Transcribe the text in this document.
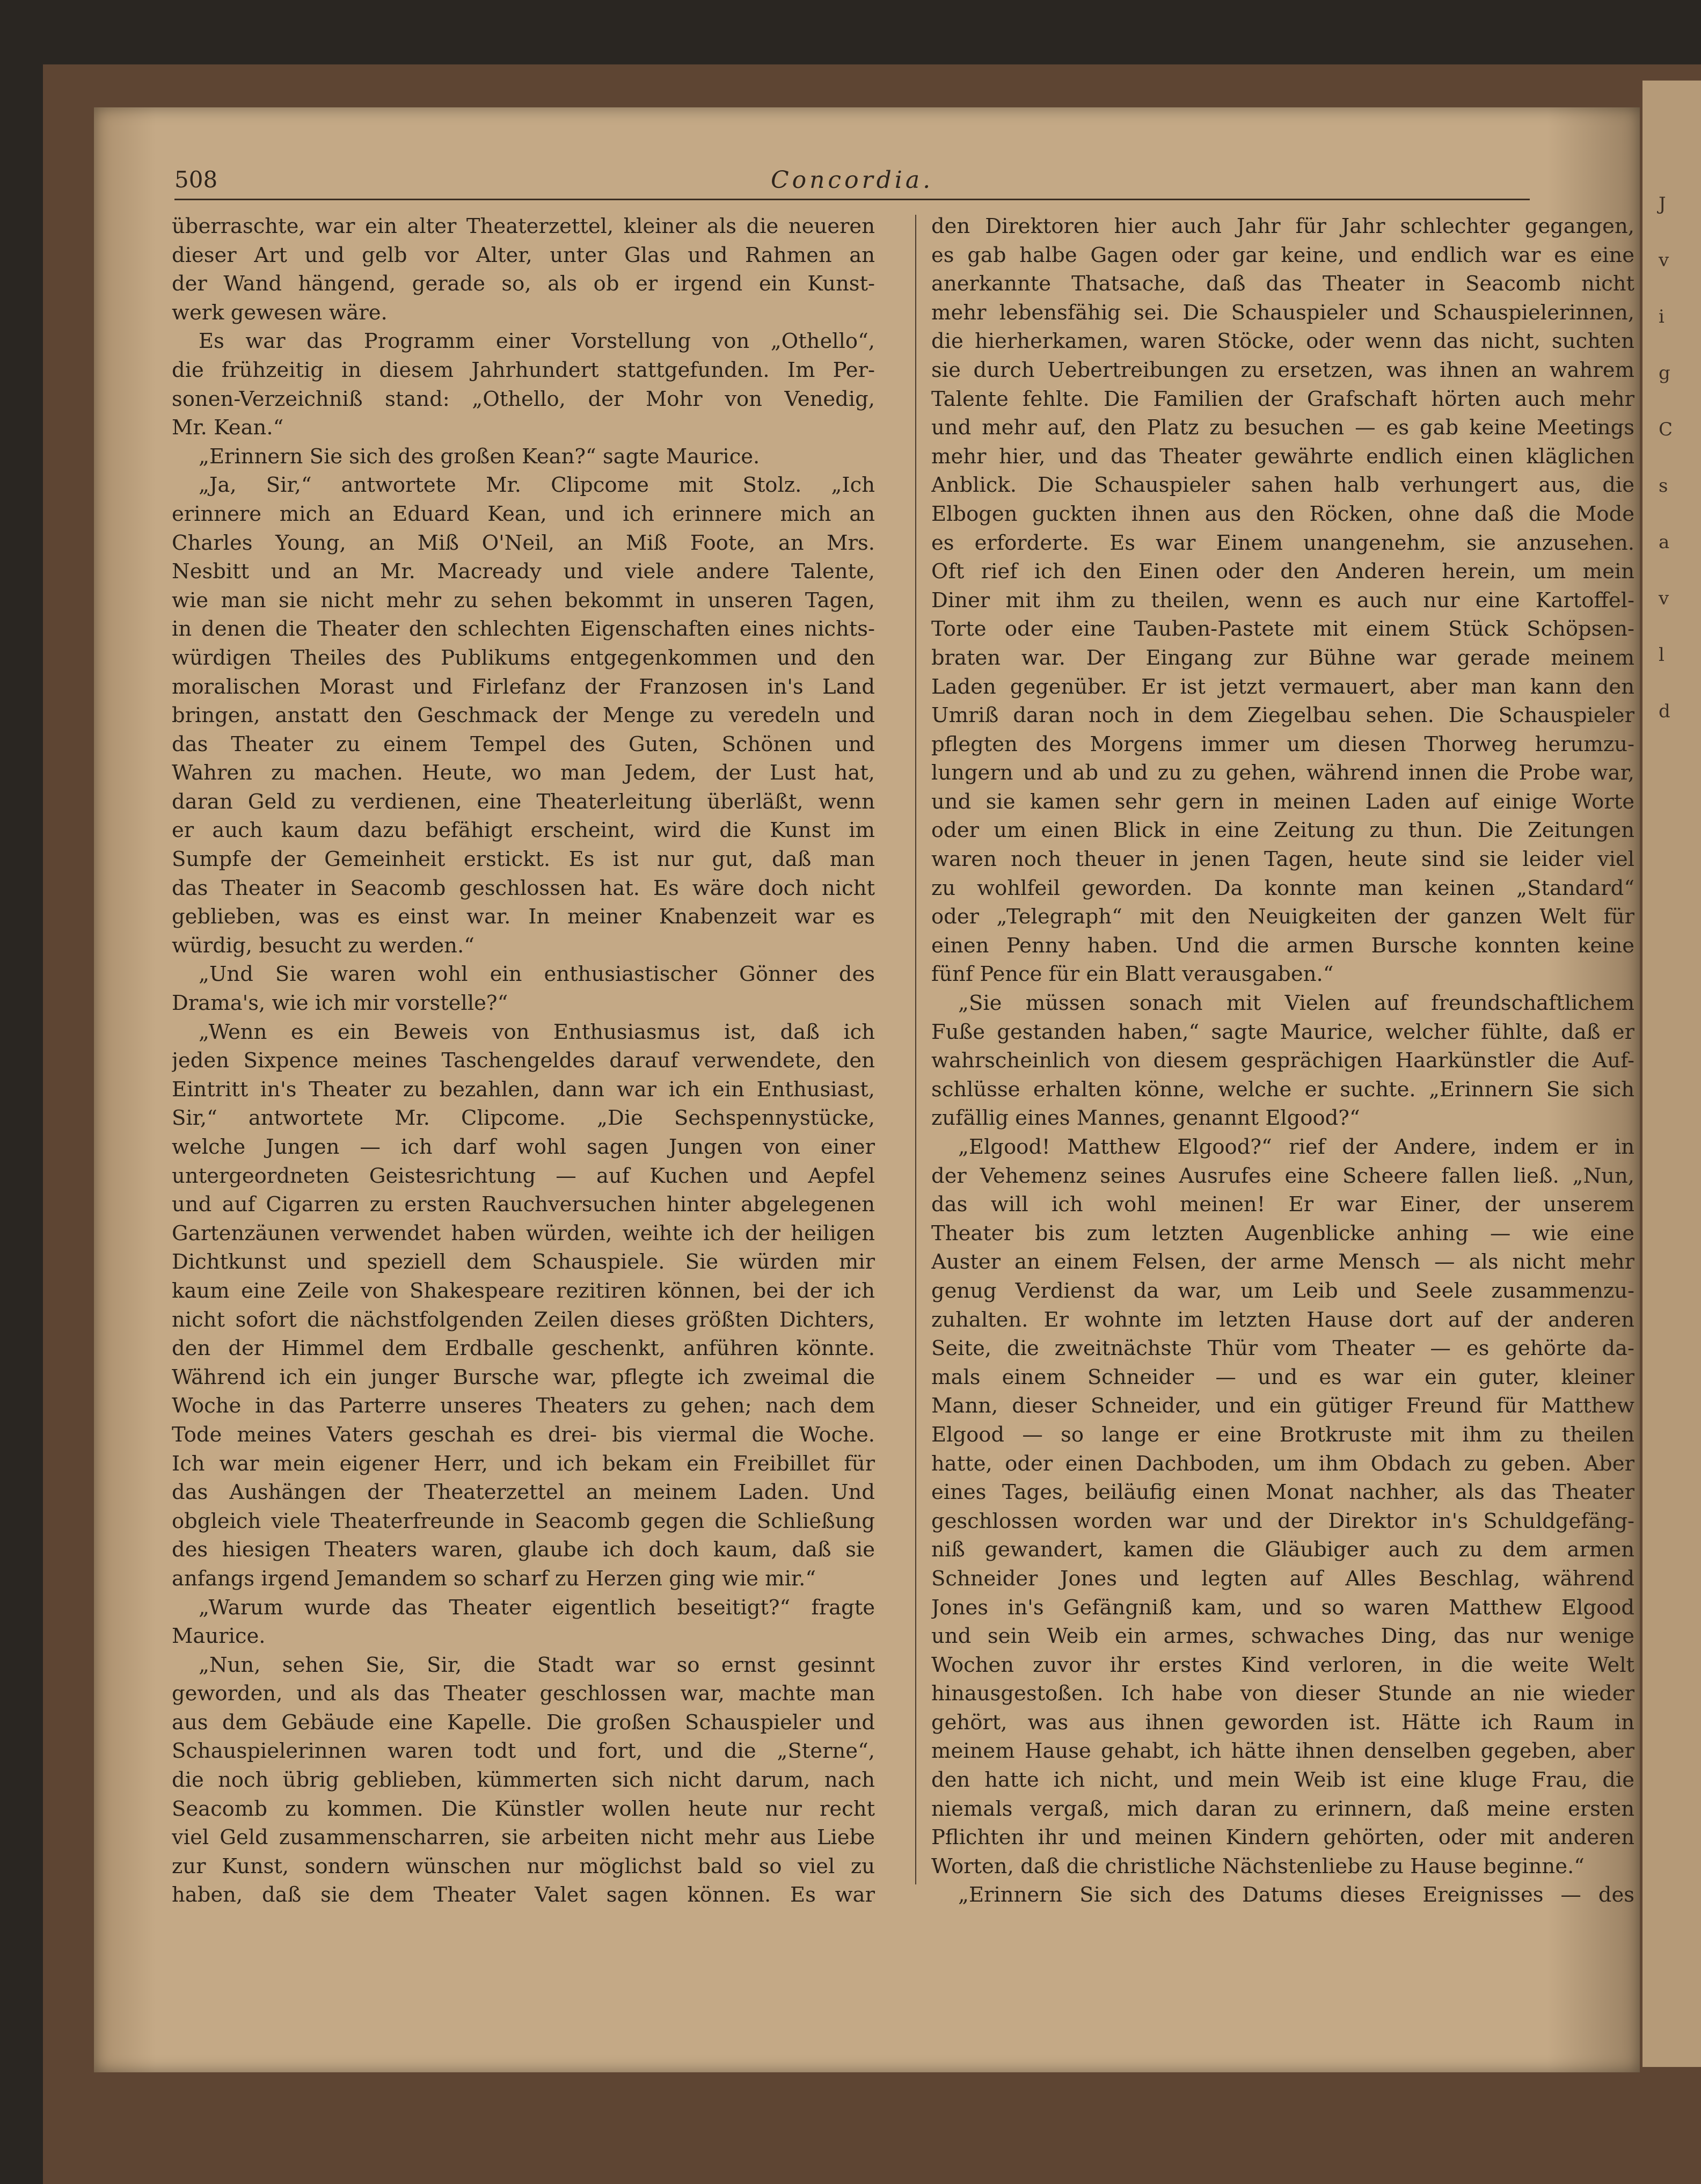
J
v
i
g
C
s
a
v
l
d
508	Concordia.
überraschte, war ein alter Theaterzettel, kleiner als die neueren
dieser Art und gelb vor Alter, unter Glas und Rahmen an
der Wand hängend, gerade so, als ob er irgend ein Kunst-
werk gewesen wäre.
Es war das Programm einer Vorstellung von „Othello“,
die frühzeitig in diesem Jahrhundert stattgefunden. Im Per-
sonen-Verzeichniß stand: „Othello, der Mohr von Venedig,
Mr. Kean.“
„Erinnern Sie sich des großen Kean?“ sagte Maurice.
„Ja, Sir,“ antwortete Mr. Clipcome mit Stolz. „Ich
erinnere mich an Eduard Kean, und ich erinnere mich an
Charles Young, an Miß O'Neil, an Miß Foote, an Mrs.
Nesbitt und an Mr. Macready und viele andere Talente,
wie man sie nicht mehr zu sehen bekommt in unseren Tagen,
in denen die Theater den schlechten Eigenschaften eines nichts-
würdigen Theiles des Publikums entgegenkommen und den
moralischen Morast und Firlefanz der Franzosen in's Land
bringen, anstatt den Geschmack der Menge zu veredeln und
das Theater zu einem Tempel des Guten, Schönen und
Wahren zu machen. Heute, wo man Jedem, der Lust hat,
daran Geld zu verdienen, eine Theaterleitung überläßt, wenn
er auch kaum dazu befähigt erscheint, wird die Kunst im
Sumpfe der Gemeinheit erstickt. Es ist nur gut, daß man
das Theater in Seacomb geschlossen hat. Es wäre doch nicht
geblieben, was es einst war. In meiner Knabenzeit war es
würdig, besucht zu werden.“
„Und Sie waren wohl ein enthusiastischer Gönner des
Drama's, wie ich mir vorstelle?“
„Wenn es ein Beweis von Enthusiasmus ist, daß ich
jeden Sixpence meines Taschengeldes darauf verwendete, den
Eintritt in's Theater zu bezahlen, dann war ich ein Enthusiast,
Sir,“ antwortete Mr. Clipcome. „Die Sechspennystücke,
welche Jungen — ich darf wohl sagen Jungen von einer
untergeordneten Geistesrichtung — auf Kuchen und Aepfel
und auf Cigarren zu ersten Rauchversuchen hinter abgelegenen
Gartenzäunen verwendet haben würden, weihte ich der heiligen
Dichtkunst und speziell dem Schauspiele. Sie würden mir
kaum eine Zeile von Shakespeare rezitiren können, bei der ich
nicht sofort die nächstfolgenden Zeilen dieses größten Dichters,
den der Himmel dem Erdballe geschenkt, anführen könnte.
Während ich ein junger Bursche war, pflegte ich zweimal die
Woche in das Parterre unseres Theaters zu gehen; nach dem
Tode meines Vaters geschah es drei- bis viermal die Woche.
Ich war mein eigener Herr, und ich bekam ein Freibillet für
das Aushängen der Theaterzettel an meinem Laden. Und
obgleich viele Theaterfreunde in Seacomb gegen die Schließung
des hiesigen Theaters waren, glaube ich doch kaum, daß sie
anfangs irgend Jemandem so scharf zu Herzen ging wie mir.“
„Warum wurde das Theater eigentlich beseitigt?“ fragte
Maurice.
„Nun, sehen Sie, Sir, die Stadt war so ernst gesinnt
geworden, und als das Theater geschlossen war, machte man
aus dem Gebäude eine Kapelle. Die großen Schauspieler und
Schauspielerinnen waren todt und fort, und die „Sterne“,
die noch übrig geblieben, kümmerten sich nicht darum, nach
Seacomb zu kommen. Die Künstler wollen heute nur recht
viel Geld zusammenscharren, sie arbeiten nicht mehr aus Liebe
zur Kunst, sondern wünschen nur möglichst bald so viel zu
haben, daß sie dem Theater Valet sagen können. Es war
den Direktoren hier auch Jahr für Jahr schlechter gegangen,
es gab halbe Gagen oder gar keine, und endlich war es eine
anerkannte Thatsache, daß das Theater in Seacomb nicht
mehr lebensfähig sei. Die Schauspieler und Schauspielerinnen,
die hierherkamen, waren Stöcke, oder wenn das nicht, suchten
sie durch Uebertreibungen zu ersetzen, was ihnen an wahrem
Talente fehlte. Die Familien der Grafschaft hörten auch mehr
und mehr auf, den Platz zu besuchen — es gab keine Meetings
mehr hier, und das Theater gewährte endlich einen kläglichen
Anblick. Die Schauspieler sahen halb verhungert aus, die
Elbogen guckten ihnen aus den Röcken, ohne daß die Mode
es erforderte. Es war Einem unangenehm, sie anzusehen.
Oft rief ich den Einen oder den Anderen herein, um mein
Diner mit ihm zu theilen, wenn es auch nur eine Kartoffel-
Torte oder eine Tauben-Pastete mit einem Stück Schöpsen-
braten war. Der Eingang zur Bühne war gerade meinem
Laden gegenüber. Er ist jetzt vermauert, aber man kann den
Umriß daran noch in dem Ziegelbau sehen. Die Schauspieler
pflegten des Morgens immer um diesen Thorweg herumzu-
lungern und ab und zu zu gehen, während innen die Probe war,
und sie kamen sehr gern in meinen Laden auf einige Worte
oder um einen Blick in eine Zeitung zu thun. Die Zeitungen
waren noch theuer in jenen Tagen, heute sind sie leider viel
zu wohlfeil geworden. Da konnte man keinen „Standard“
oder „Telegraph“ mit den Neuigkeiten der ganzen Welt für
einen Penny haben. Und die armen Bursche konnten keine
fünf Pence für ein Blatt verausgaben.“
„Sie müssen sonach mit Vielen auf freundschaftlichem
Fuße gestanden haben,“ sagte Maurice, welcher fühlte, daß er
wahrscheinlich von diesem gesprächigen Haarkünstler die Auf-
schlüsse erhalten könne, welche er suchte. „Erinnern Sie sich
zufällig eines Mannes, genannt Elgood?“
„Elgood! Matthew Elgood?“ rief der Andere, indem er in
der Vehemenz seines Ausrufes eine Scheere fallen ließ. „Nun,
das will ich wohl meinen! Er war Einer, der unserem
Theater bis zum letzten Augenblicke anhing — wie eine
Auster an einem Felsen, der arme Mensch — als nicht mehr
genug Verdienst da war, um Leib und Seele zusammenzu-
zuhalten. Er wohnte im letzten Hause dort auf der anderen
Seite, die zweitnächste Thür vom Theater — es gehörte da-
mals einem Schneider — und es war ein guter, kleiner
Mann, dieser Schneider, und ein gütiger Freund für Matthew
Elgood — so lange er eine Brotkruste mit ihm zu theilen
hatte, oder einen Dachboden, um ihm Obdach zu geben. Aber
eines Tages, beiläufig einen Monat nachher, als das Theater
geschlossen worden war und der Direktor in's Schuldgefäng-
niß gewandert, kamen die Gläubiger auch zu dem armen
Schneider Jones und legten auf Alles Beschlag, während
Jones in's Gefängniß kam, und so waren Matthew Elgood
und sein Weib ein armes, schwaches Ding, das nur wenige
Wochen zuvor ihr erstes Kind verloren, in die weite Welt
hinausgestoßen. Ich habe von dieser Stunde an nie wieder
gehört, was aus ihnen geworden ist. Hätte ich Raum in
meinem Hause gehabt, ich hätte ihnen denselben gegeben, aber
den hatte ich nicht, und mein Weib ist eine kluge Frau, die
niemals vergaß, mich daran zu erinnern, daß meine ersten
Pflichten ihr und meinen Kindern gehörten, oder mit anderen
Worten, daß die christliche Nächstenliebe zu Hause beginne.“
„Erinnern Sie sich des Datums dieses Ereignisses — des
